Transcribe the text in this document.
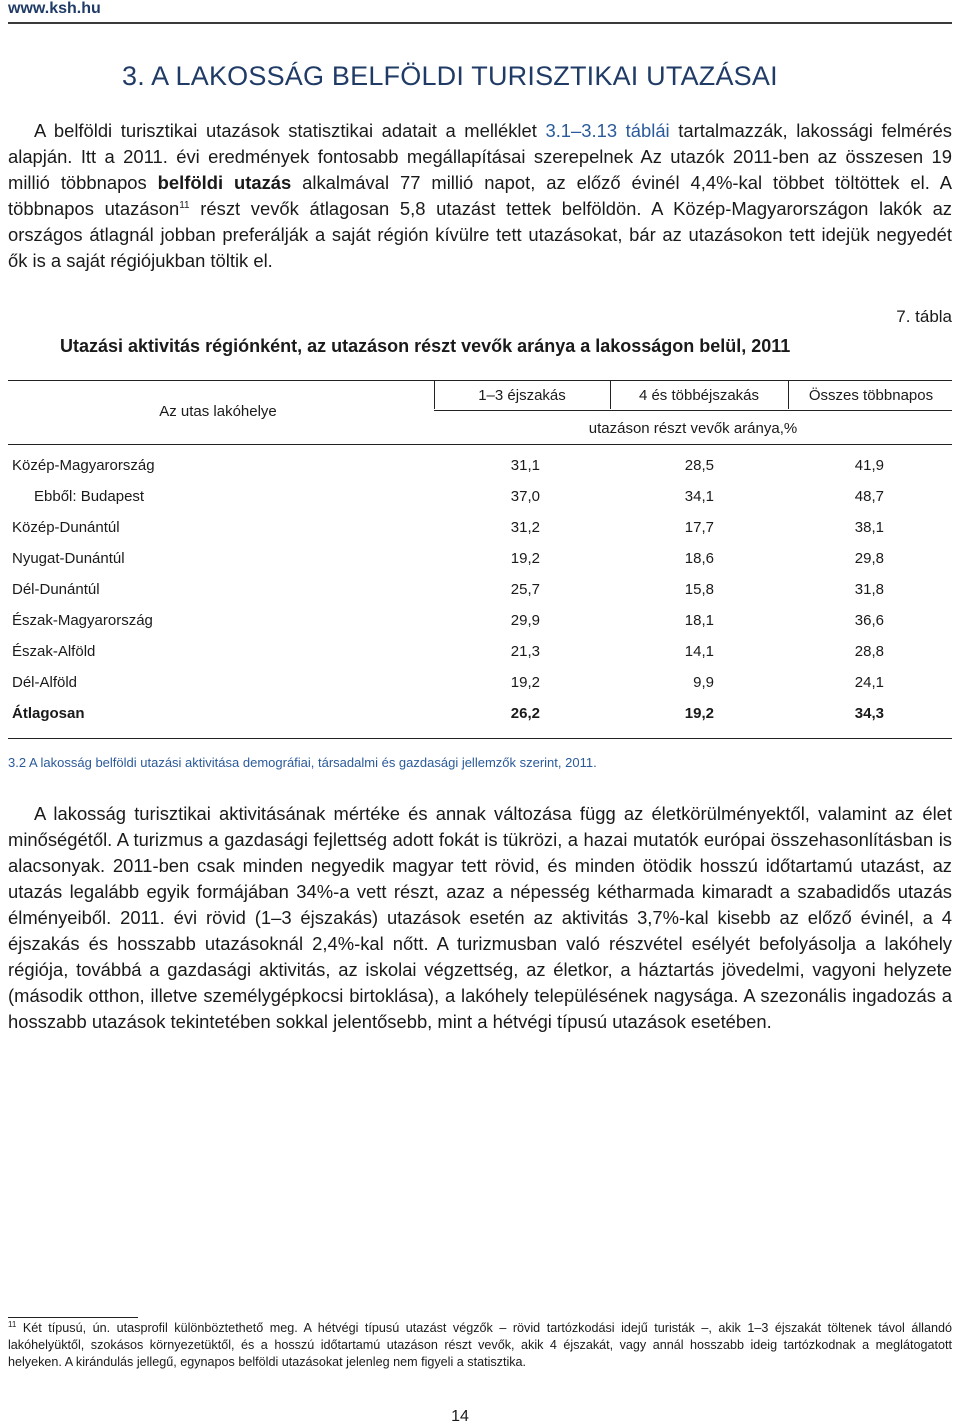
www.ksh.hu
3. A LAKOSSÁG BELFÖLDI TURISZTIKAI UTAZÁSAI
A belföldi turisztikai utazások statisztikai adatait a melléklet 3.1–3.13 táblái tartalmazzák, lakossági felmérés alapján. Itt a 2011. évi eredmények fontosabb megállapításai szerepelnek Az utazók 2011-ben az összesen 19 millió többnapos belföldi utazás alkalmával 77 millió napot, az előző évinél 4,4%-kal többet töltöttek el. A többnapos utazáson$^{11}$ részt vevők átlagosan 5,8 utazást tettek belföldön. A Közép-Magyarországon lakók az országos átlagnál jobban preferálják a saját régión kívülre tett utazásokat, bár az utazásokon tett idejük negyedét ők is a saját régiójukban töltik el.
7. tábla
Utazási aktivitás régiónként, az utazáson részt vevők aránya a lakosságon belül, 2011
Az utas lakóhelye
1–3 éjszakás	4 és többéjszakás	Összes többnapos
utazáson részt vevők aránya,%
Közép-Magyarország	31,1	28,5	41,9
Ebből: Budapest	37,0	34,1	48,7
Közép-Dunántúl	31,2	17,7	38,1
Nyugat-Dunántúl	19,2	18,6	29,8
Dél-Dunántúl	25,7	15,8	31,8
Észak-Magyarország	29,9	18,1	36,6
Észak-Alföld	21,3	14,1	28,8
Dél-Alföld	19,2	9,9	24,1
Átlagosan	26,2	19,2	34,3
3.2 A lakosság belföldi utazási aktivitása demográfiai, társadalmi és gazdasági jellemzők szerint, 2011.
A lakosság turisztikai aktivitásának mértéke és annak változása függ az életkörülményektől, valamint az élet minőségétől. A turizmus a gazdasági fejlettség adott fokát is tükrözi, a hazai mutatók európai összehasonlításban is alacsonyak. 2011-ben csak minden negyedik magyar tett rövid, és minden ötödik hosszú időtartamú utazást, az utazás legalább egyik formájában 34%-a vett részt, azaz a népesség kétharmada kimaradt a szabadidős utazás élményeiből. 2011. évi rövid (1–3 éjszakás) utazások esetén az aktivitás 3,7%-kal kisebb az előző évinél, a 4 éjszakás és hosszabb utazásoknál 2,4%-kal nőtt. A turizmusban való részvétel esélyét befolyásolja a lakóhely régiója, továbbá a gazdasági aktivitás, az iskolai végzettség, az életkor, a háztartás jövedelmi, vagyoni helyzete (második otthon, illetve személygépkocsi birtoklása), a lakóhely településének nagysága. A szezonális ingadozás a hosszabb utazások tekintetében sokkal jelentősebb, mint a hétvégi típusú utazások esetében.
$^{11}$ Két típusú, ún. utasprofil különböztethető meg. A hétvégi típusú utazást végzők – rövid tartózkodási idejű turisták –, akik 1–3 éjszakát töltenek távol állandó lakóhelyüktől, szokásos környezetüktől, és a hosszú időtartamú utazáson részt vevők, akik 4 éjszakát, vagy annál hosszabb ideig tartózkodnak a meglátogatott helyeken. A kirándulás jellegű, egynapos belföldi utazásokat jelenleg nem figyeli a statisztika.
14
